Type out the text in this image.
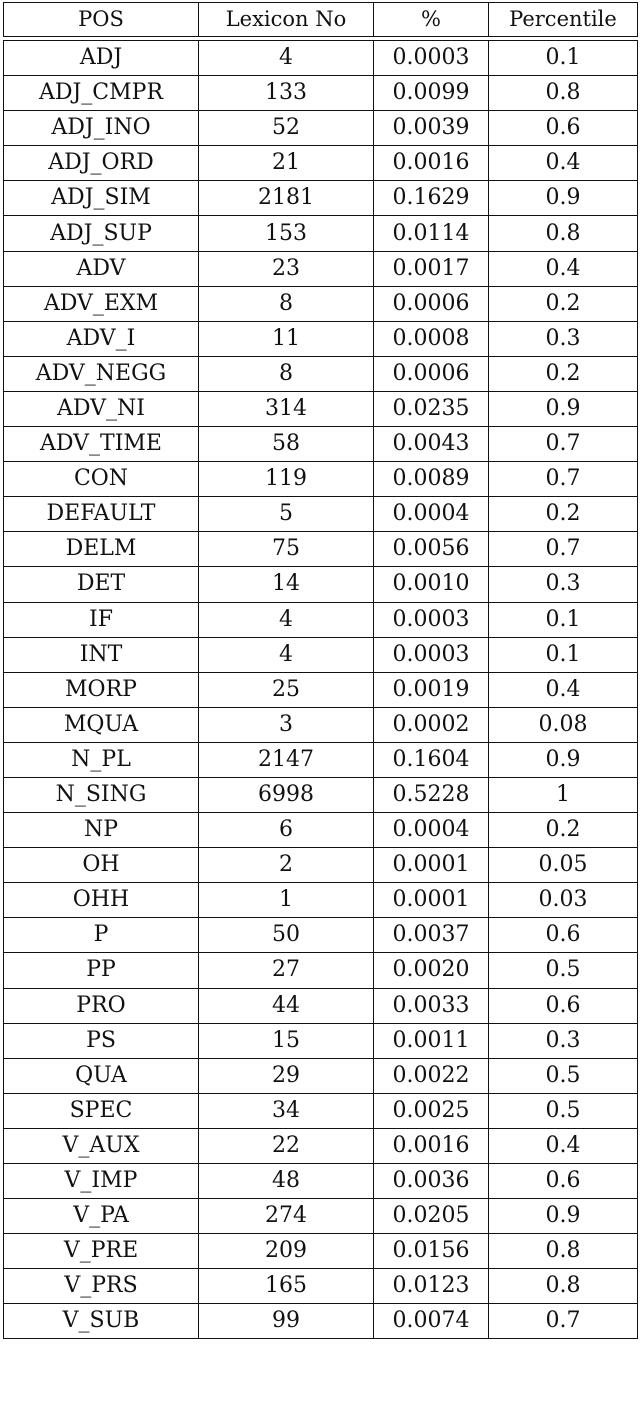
POS	Lexicon No	%	Percentile

ADJ	4	0.0003	0.1
ADJ_CMPR	133	0.0099	0.8
ADJ_INO	52	0.0039	0.6
ADJ_ORD	21	0.0016	0.4
ADJ_SIM	2181	0.1629	0.9
ADJ_SUP	153	0.0114	0.8
ADV	23	0.0017	0.4
ADV_EXM	8	0.0006	0.2
ADV_I	11	0.0008	0.3
ADV_NEGG	8	0.0006	0.2
ADV_NI	314	0.0235	0.9
ADV_TIME	58	0.0043	0.7
CON	119	0.0089	0.7
DEFAULT	5	0.0004	0.2
DELM	75	0.0056	0.7
DET	14	0.0010	0.3
IF	4	0.0003	0.1
INT	4	0.0003	0.1
MORP	25	0.0019	0.4
MQUA	3	0.0002	0.08
N_PL	2147	0.1604	0.9
N_SING	6998	0.5228	1
NP	6	0.0004	0.2
OH	2	0.0001	0.05
OHH	1	0.0001	0.03
P	50	0.0037	0.6
PP	27	0.0020	0.5
PRO	44	0.0033	0.6
PS	15	0.0011	0.3
QUA	29	0.0022	0.5
SPEC	34	0.0025	0.5
V_AUX	22	0.0016	0.4
V_IMP	48	0.0036	0.6
V_PA	274	0.0205	0.9
V_PRE	209	0.0156	0.8
V_PRS	165	0.0123	0.8
V_SUB	99	0.0074	0.7
